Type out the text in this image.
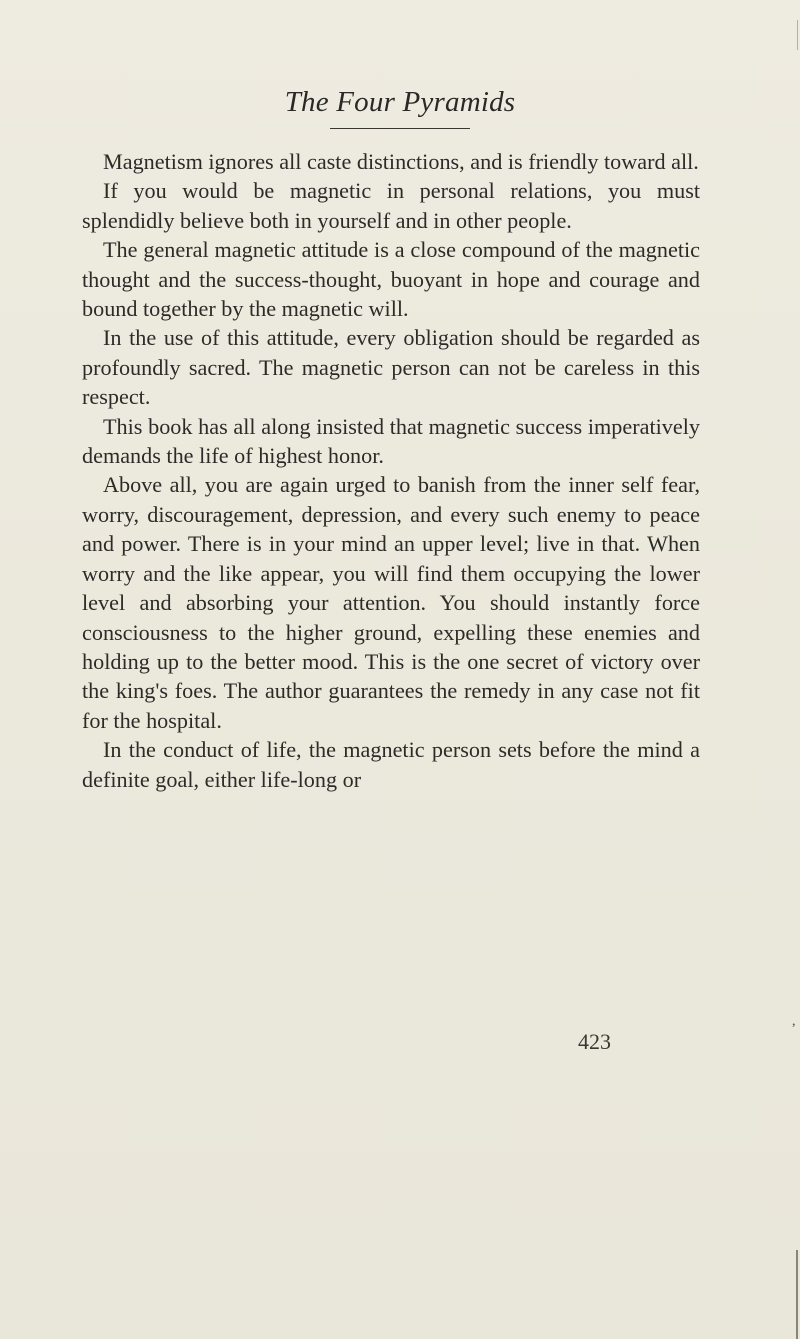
The Four Pyramids

Magnetism ignores all caste distinctions, and is friendly toward all.

If you would be magnetic in personal relations, you must splendidly believe both in yourself and in other people.

The general magnetic attitude is a close compound of the magnetic thought and the success-thought, buoyant in hope and courage and bound together by the magnetic will.

In the use of this attitude, every obligation should be regarded as profoundly sacred. The magnetic person can not be careless in this respect.

This book has all along insisted that magnetic success imperatively demands the life of highest honor.

Above all, you are again urged to banish from the inner self fear, worry, discouragement, depression, and every such enemy to peace and power. There is in your mind an upper level; live in that. When worry and the like appear, you will find them occupying the lower level and absorbing your attention. You should instantly force consciousness to the higher ground, expelling these enemies and holding up to the better mood. This is the one secret of victory over the king's foes. The author guarantees the remedy in any case not fit for the hospital.

In the conduct of life, the magnetic person sets before the mind a definite goal, either life-long or

423
,
